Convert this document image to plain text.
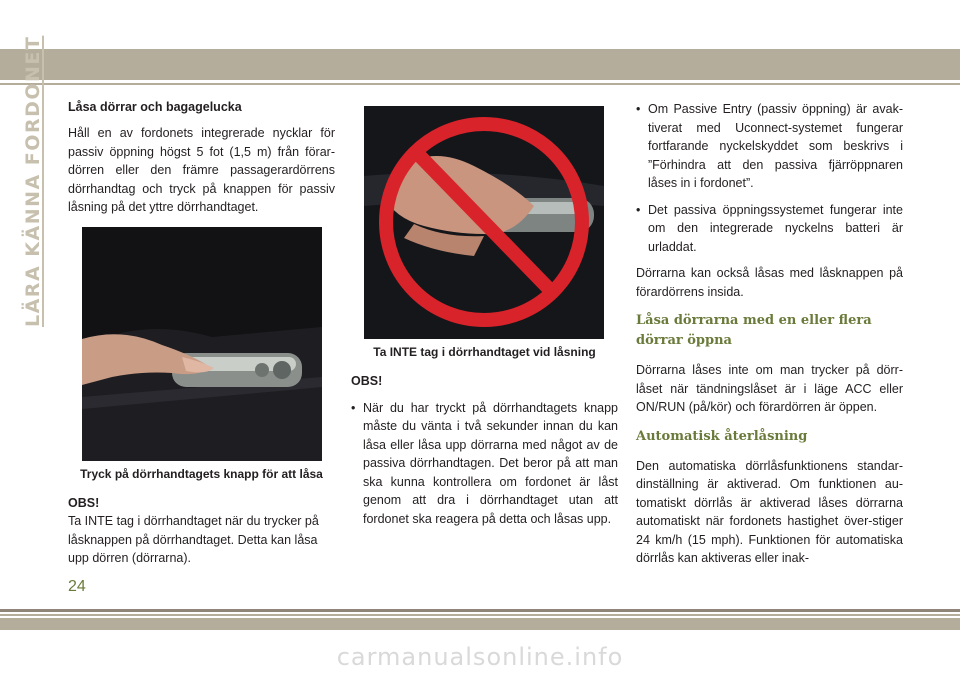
LÄRA KÄNNA FORDONET Låsa dörrar och bagagelucka

Håll en av fordonets integrerade nycklar för passiv öppning högst 5 fot (1,5 m) från förar-dörren eller den främre passagerardörrens dörrhandtag och tryck på knappen för passiv låsning på det yttre dörrhandtaget.

Tryck på dörrhandtagets knapp för att låsa

OBS!

Ta INTE tag i dörrhandtaget när du trycker på låsknappen på dörrhandtaget. Detta kan låsa upp dörren (dörrarna).

Ta INTE tag i dörrhandtaget vid låsning

OBS!

• När du har tryckt på dörrhandtagets knapp måste du vänta i två sekunder innan du kan låsa eller låsa upp dörrarna med något av de passiva dörrhandtagen. Det beror på att man ska kunna kontrollera om fordonet är låst genom att dra i dörrhandtaget utan att fordonet ska reagera på detta och låsas upp.
• Om Passive Entry (passiv öppning) är avak-tiverat med Uconnect-systemet fungerar fortfarande nyckelskyddet som beskrivs i ”Förhindra att den passiva fjärröppnaren låses in i fordonet”.
• Det passiva öppningssystemet fungerar inte om den integrerade nyckelns batteri är urladdat.

Dörrarna kan också låsas med låsknappen på förardörrens insida.

Låsa dörrarna med en eller flera dörrar öppna

Dörrarna låses inte om man trycker på dörr-låset när tändningslåset är i läge ACC eller ON/RUN (på/kör) och förardörren är öppen.

Automatisk återlåsning

Den automatiska dörrlåsfunktionens standar-dinställning är aktiverad. Om funktionen au-tomatiskt dörrlås är aktiverad låses dörrarna automatiskt när fordonets hastighet över-stiger 24 km/h (15 mph). Funktionen för automatiska dörrlås kan aktiveras eller inak-

24
carmanualsonline.info
